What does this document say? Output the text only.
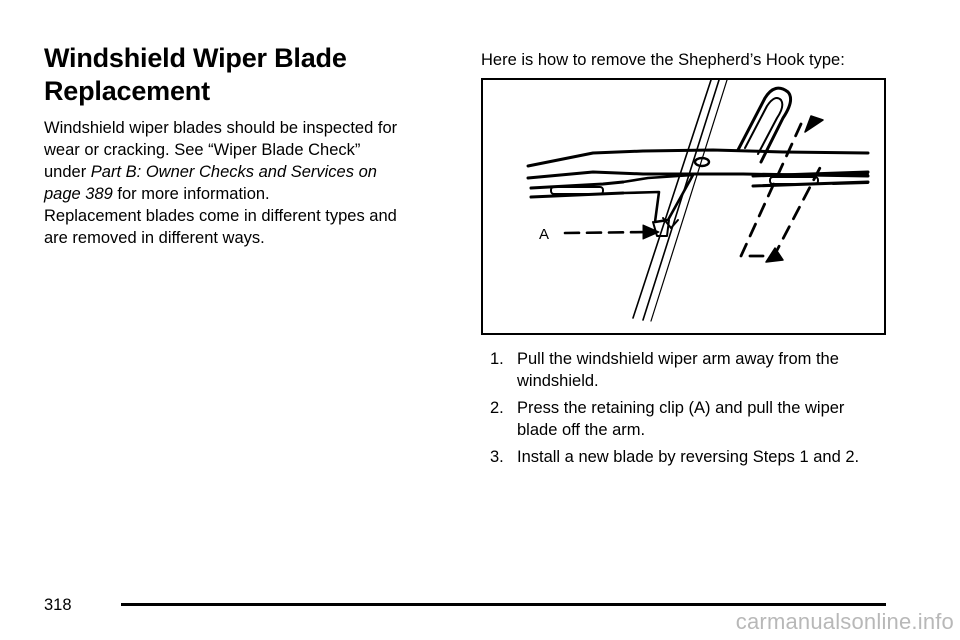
Windshield Wiper Blade
Replacement

Windshield wiper blades should be inspected for
wear or cracking. See “Wiper Blade Check”
under Part B: Owner Checks and Services on
page 389 for more information.

Replacement blades come in different types and
are removed in different ways.

Here is how to remove the Shepherd’s Hook type:

A
1. Pull the windshield wiper arm away from the
windshield.
2. Press the retaining clip (A) and pull the wiper
blade off the arm.
3. Install a new blade by reversing Steps 1 and 2.
318
carmanualsonline.info
